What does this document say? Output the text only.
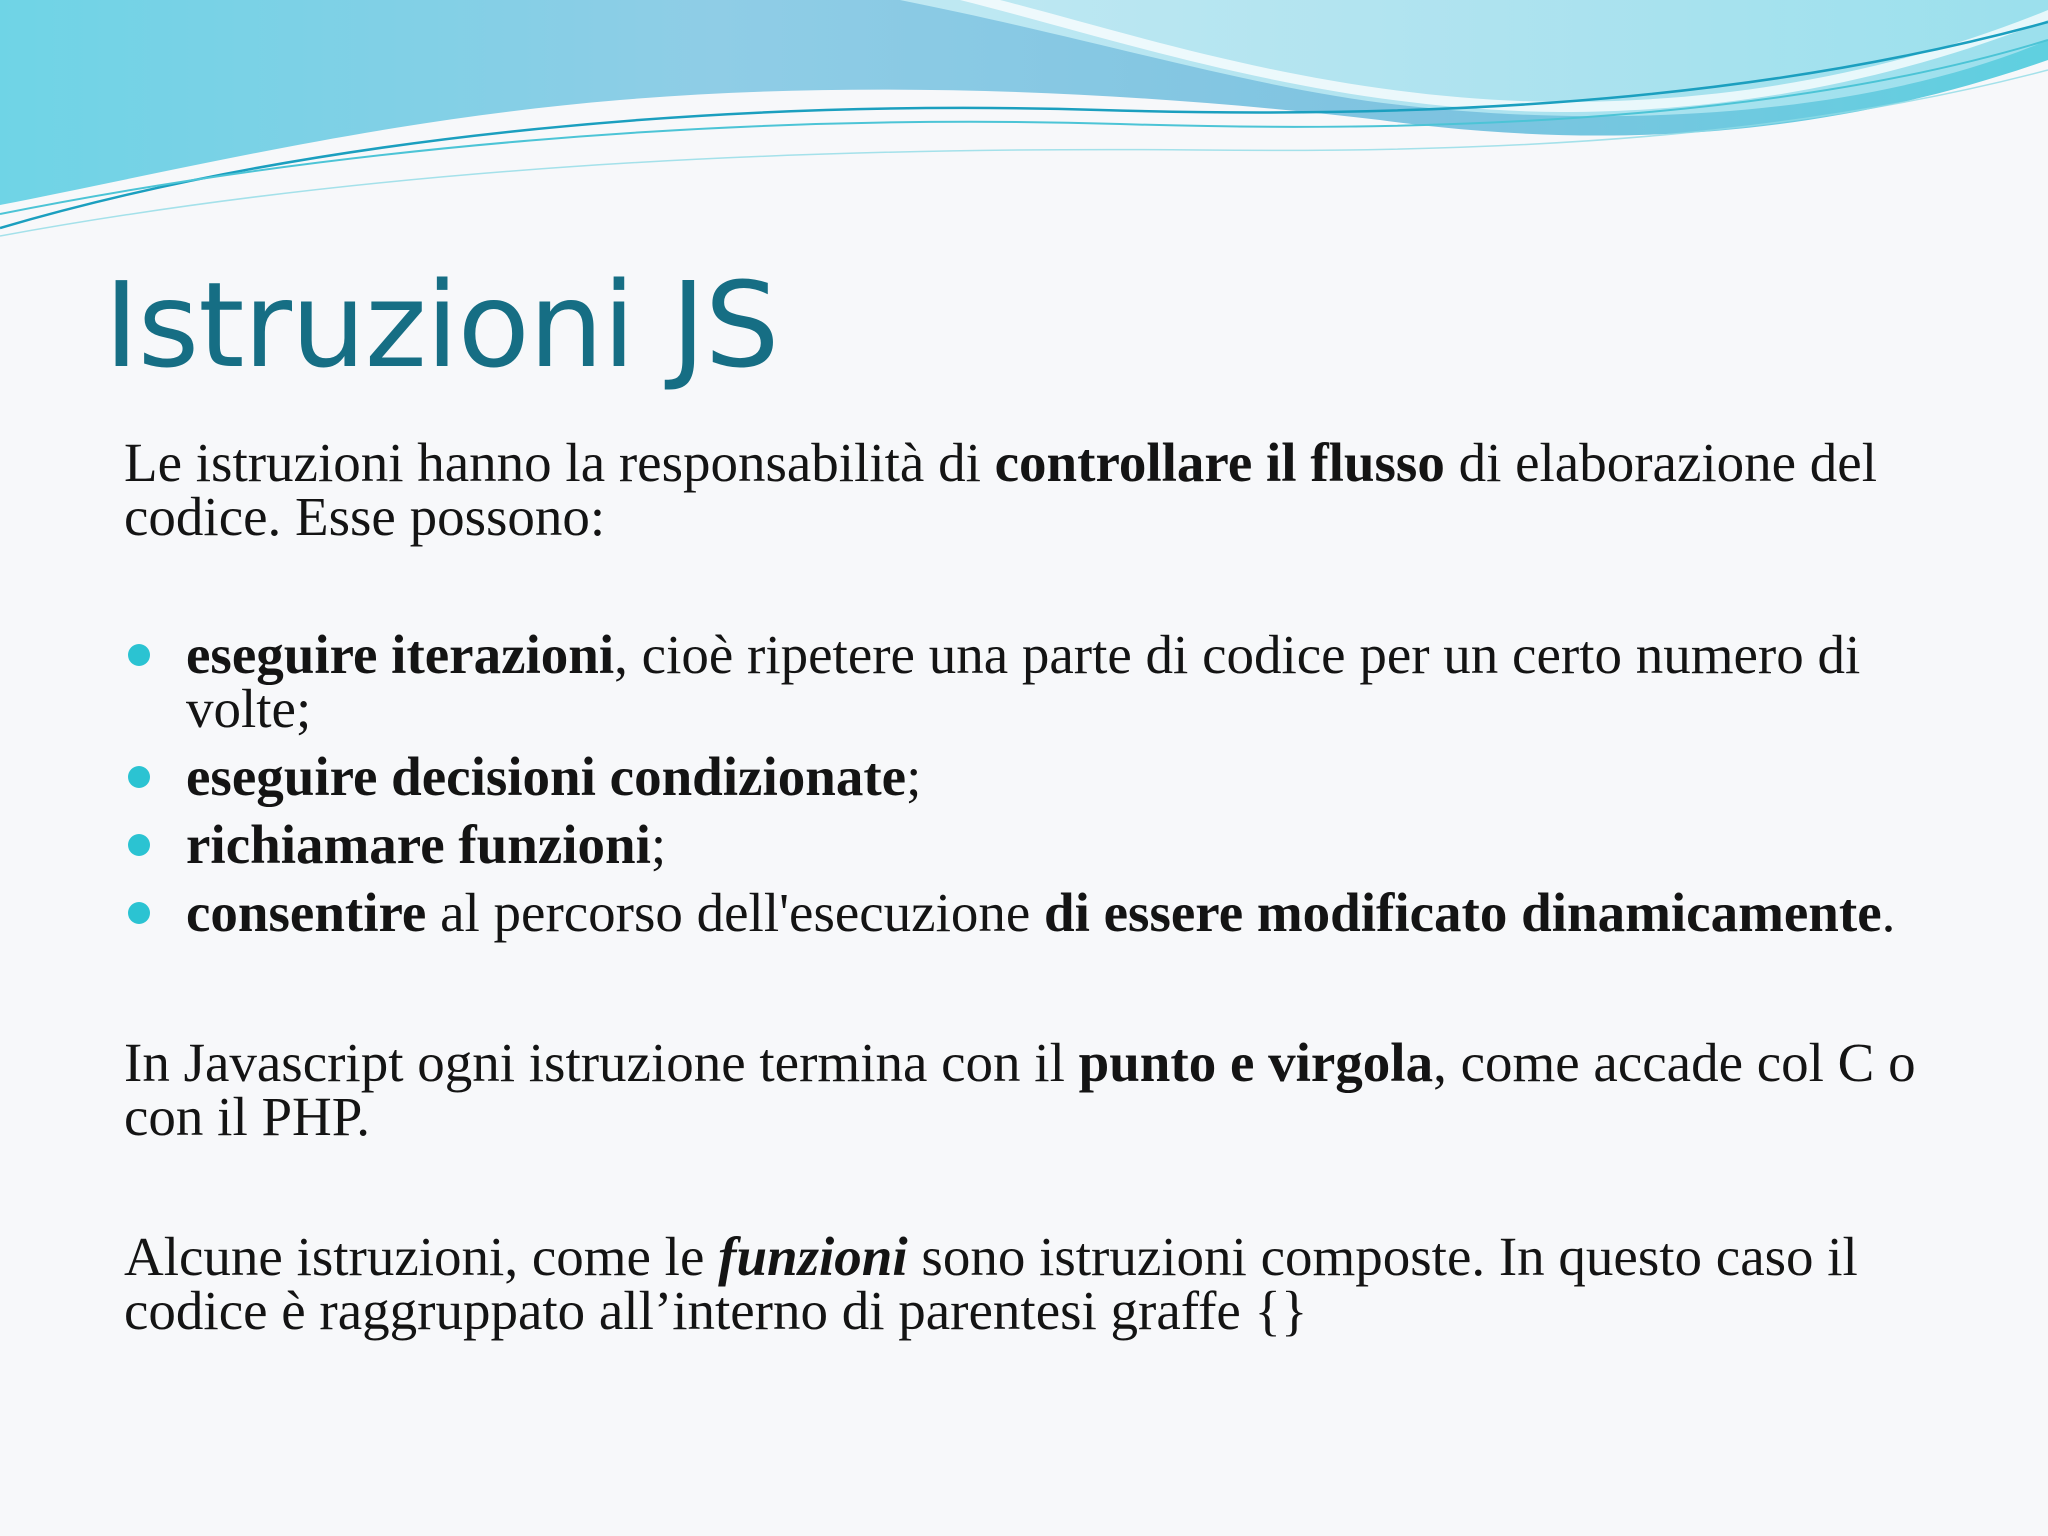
Istruzioni JS

Le istruzioni hanno la responsabilità di controllare il flusso di elaborazione del codice. Esse possono:

eseguire iterazioni, cioè ripetere una parte di codice per un certo numero di volte;
eseguire decisioni condizionate;
richiamare funzioni;
consentire al percorso dell'esecuzione di essere modificato dinamicamente.

In Javascript ogni istruzione termina con il punto e virgola, come accade col C o con il PHP.

Alcune istruzioni, come le funzioni sono istruzioni composte. In questo caso il codice è raggruppato all’interno di parentesi graffe {}
